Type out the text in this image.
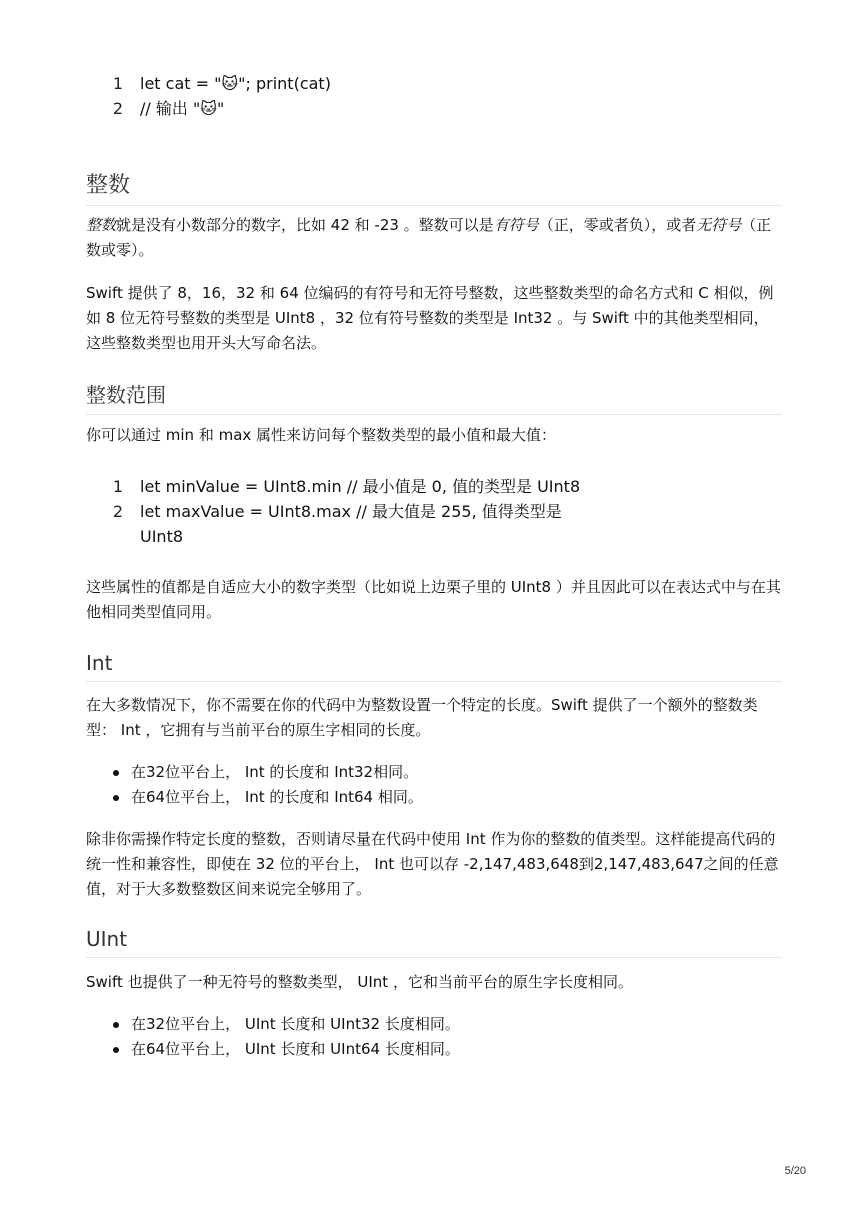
1	let cat = "🐱"; print(cat)
2	// 输出 "🐱"
整数

整数就是没有小数部分的数字，比如 42 和 -23 。整数可以是有符号（正，零或者负），或者无符号（正数或零）。

Swift 提供了 8，16，32 和 64 位编码的有符号和无符号整数，这些整数类型的命名方式和 C 相似，例如 8 位无符号整数的类型是 UInt8 ，32 位有符号整数的类型是 Int32 。与 Swift 中的其他类型相同，这些整数类型也用开头大写命名法。

整数范围

你可以通过 min 和 max 属性来访问每个整数类型的最小值和最大值：

1	let minValue = UInt8.min // 最小值是 0, 值的类型是 UInt8
2	let maxValue = UInt8.max // 最大值是 255, 值得类型是 UInt8

这些属性的值都是自适应大小的数字类型（比如说上边栗子里的 UInt8 ）并且因此可以在表达式中与在其他相同类型值同用。

Int

在大多数情况下，你不需要在你的代码中为整数设置一个特定的长度。Swift 提供了一个额外的整数类型： Int ，它拥有与当前平台的原生字相同的长度。

在32位平台上， Int 的长度和 Int32相同。
在64位平台上， Int 的长度和 Int64 相同。

除非你需操作特定长度的整数，否则请尽量在代码中使用 Int 作为你的整数的值类型。这样能提高代码的统一性和兼容性，即使在 32 位的平台上， Int 也可以存 -2,147,483,648到2,147,483,647之间的任意值，对于大多数整数区间来说完全够用了。

UInt

Swift 也提供了一种无符号的整数类型， UInt ，它和当前平台的原生字长度相同。

在32位平台上， UInt 长度和 UInt32 长度相同。
在64位平台上， UInt 长度和 UInt64 长度相同。
5/20
